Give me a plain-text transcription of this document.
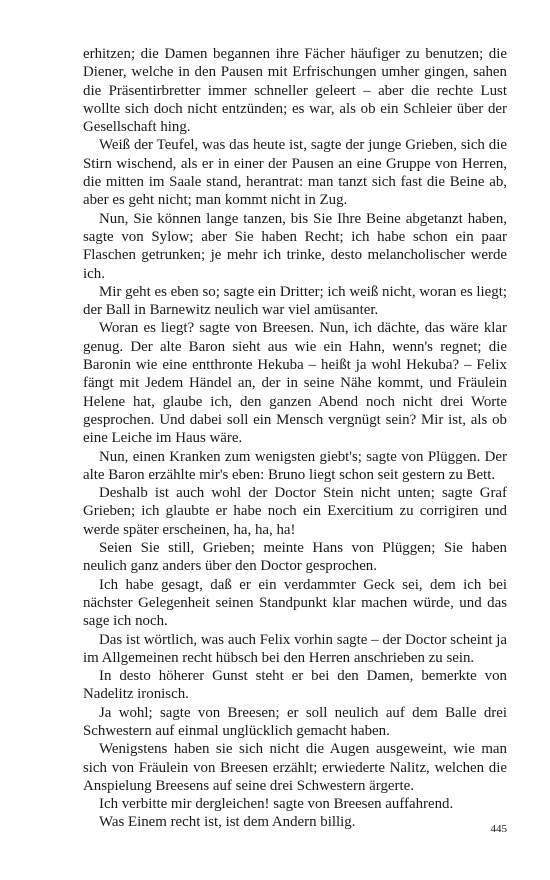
erhitzen; die Damen begannen ihre Fächer häufiger zu benutzen; die Diener, welche in den Pausen mit Erfrischungen umher gingen, sahen die Präsentirbretter immer schneller geleert – aber die rechte Lust wollte sich doch nicht entzünden; es war, als ob ein Schleier über der Gesellschaft hing.

Weiß der Teufel, was das heute ist, sagte der junge Grieben, sich die Stirn wischend, als er in einer der Pausen an eine Gruppe von Herren, die mitten im Saale stand, herantrat: man tanzt sich fast die Beine ab, aber es geht nicht; man kommt nicht in Zug.

Nun, Sie können lange tanzen, bis Sie Ihre Beine abgetanzt haben, sagte von Sylow; aber Sie haben Recht; ich habe schon ein paar Flaschen getrunken; je mehr ich trinke, desto melancholischer werde ich.

Mir geht es eben so; sagte ein Dritter; ich weiß nicht, woran es liegt; der Ball in Barnewitz neulich war viel amüsanter.

Woran es liegt? sagte von Breesen. Nun, ich dächte, das wäre klar genug. Der alte Baron sieht aus wie ein Hahn, wenn's regnet; die Baronin wie eine entthronte Hekuba – heißt ja wohl Hekuba? – Felix fängt mit Jedem Händel an, der in seine Nähe kommt, und Fräulein Helene hat, glaube ich, den ganzen Abend noch nicht drei Worte gesprochen. Und dabei soll ein Mensch vergnügt sein? Mir ist, als ob eine Leiche im Haus wäre.

Nun, einen Kranken zum wenigsten giebt's; sagte von Plüggen. Der alte Baron erzählte mir's eben: Bruno liegt schon seit gestern zu Bett.

Deshalb ist auch wohl der Doctor Stein nicht unten; sagte Graf Grieben; ich glaubte er habe noch ein Exercitium zu corrigiren und werde später erscheinen, ha, ha, ha!

Seien Sie still, Grieben; meinte Hans von Plüggen; Sie haben neulich ganz anders über den Doctor gesprochen.

Ich habe gesagt, daß er ein verdammter Geck sei, dem ich bei nächster Gelegenheit seinen Standpunkt klar machen würde, und das sage ich noch.

Das ist wörtlich, was auch Felix vorhin sagte – der Doctor scheint ja im Allgemeinen recht hübsch bei den Herren anschrieben zu sein.

In desto höherer Gunst steht er bei den Damen, bemerkte von Nadelitz ironisch.

Ja wohl; sagte von Breesen; er soll neulich auf dem Balle drei Schwestern auf einmal unglücklich gemacht haben.

Wenigstens haben sie sich nicht die Augen ausgeweint, wie man sich von Fräulein von Breesen erzählt; erwiederte Nalitz, welchen die Anspielung Breesens auf seine drei Schwestern ärgerte.

Ich verbitte mir dergleichen! sagte von Breesen auffahrend.

Was Einem recht ist, ist dem Andern billig.	445
